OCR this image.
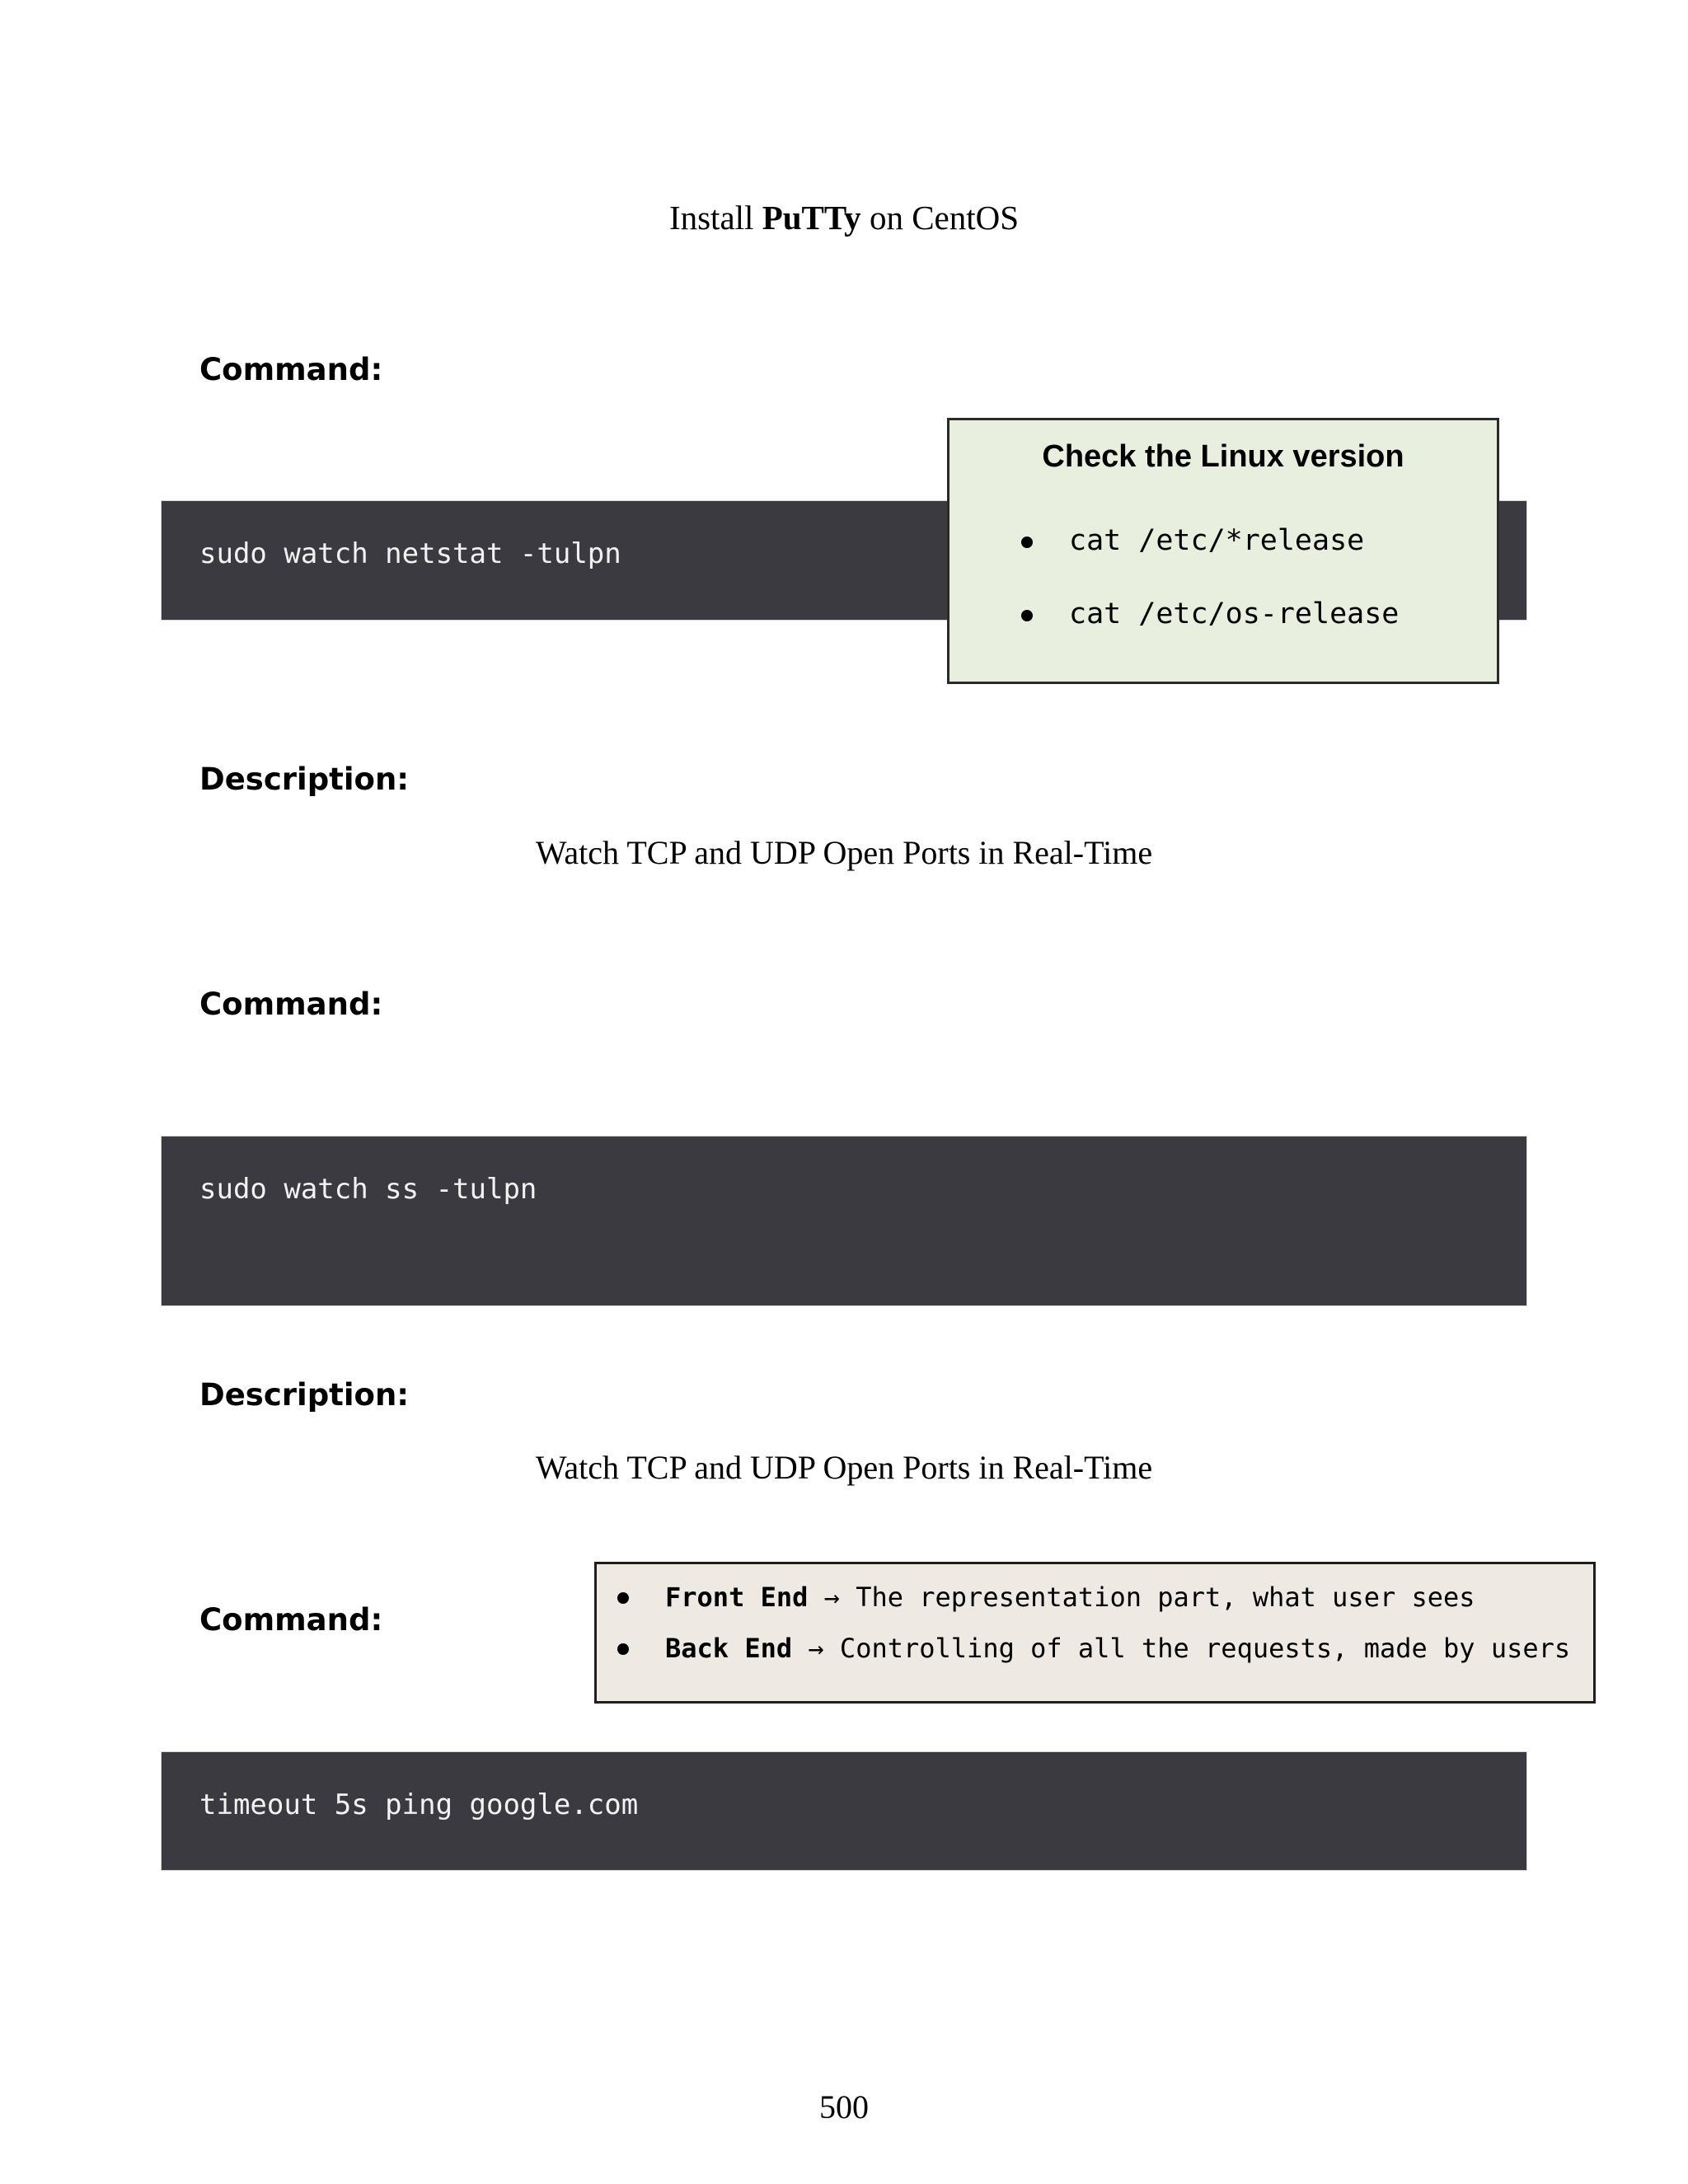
Install PuTTy on CentOS
Command:
sudo watch netstat -tulpn
Check the Linux version
cat /etc/*release
cat /etc/os-release
Description:
Watch TCP and UDP Open Ports in Real-Time
Command:
sudo watch ss -tulpn
Description:
Watch TCP and UDP Open Ports in Real-Time
Command:
Front End → The representation part, what user sees
Back End → Controlling of all the requests, made by users
timeout 5s ping google.com
500
